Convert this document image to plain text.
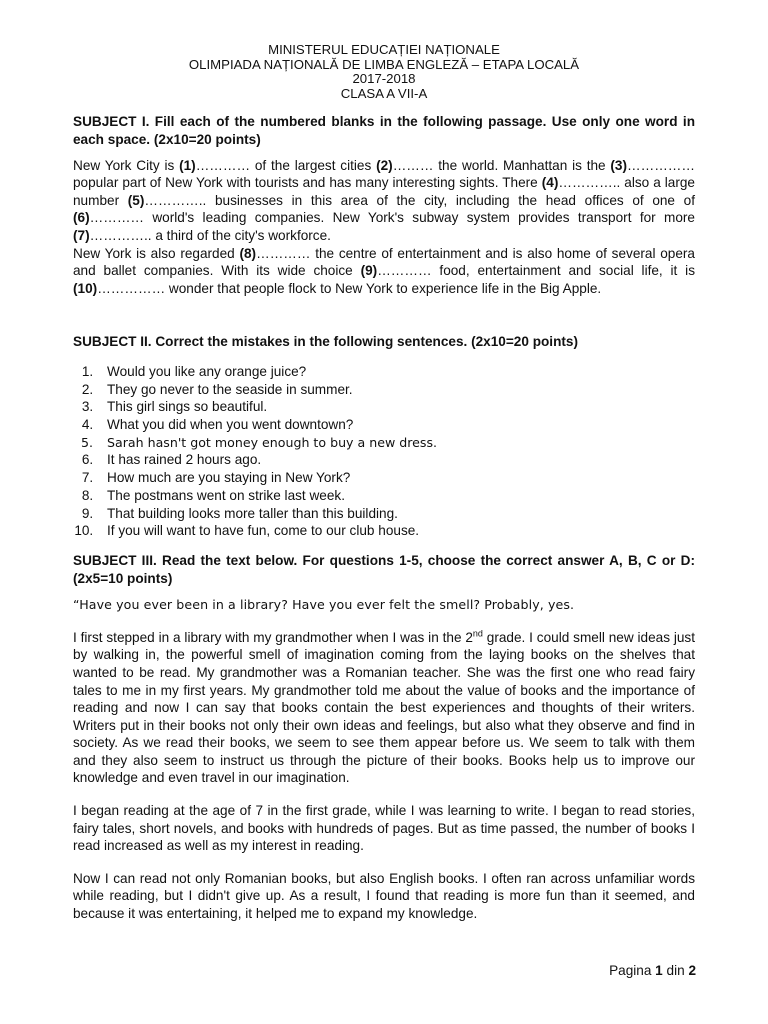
MINISTERUL EDUCAȚIEI NAȚIONALE
OLIMPIADA NAȚIONALĂ DE LIMBA ENGLEZĂ – ETAPA LOCALĂ
2017-2018
CLASA A VII-A

SUBJECT I. Fill each of the numbered blanks in the following passage. Use only one word in each space. (2x10=20 points)

New York City is (1)………… of the largest cities (2)……… the world. Manhattan is the (3)…………… popular part of New York with tourists and has many interesting sights. There (4)………….. also a large number (5)………….. businesses in this area of the city, including the head offices of one of (6)………… world's leading companies. New York's subway system provides transport for more (7)………….. a third of the city's workforce.

New York is also regarded (8)………… the centre of entertainment and is also home of several opera and ballet companies. With its wide choice (9)………… food, entertainment and social life, it is (10)…………… wonder that people flock to New York to experience life in the Big Apple.

SUBJECT II. Correct the mistakes in the following sentences. (2x10=20 points)

1. Would you like any orange juice?
2. They go never to the seaside in summer.
3. This girl sings so beautiful.
4. What you did when you went downtown?
5. Sarah hasn't got money enough to buy a new dress.
6. It has rained 2 hours ago.
7. How much are you staying in New York?
8. The postmans went on strike last week.
9. That building looks more taller than this building.
10. If you will want to have fun, come to our club house.

SUBJECT III. Read the text below. For questions 1-5, choose the correct answer A, B, C or D: (2x5=10 points)

“Have you ever been in a library? Have you ever felt the smell? Probably, yes.

I first stepped in a library with my grandmother when I was in the 2nd grade. I could smell new ideas just by walking in, the powerful smell of imagination coming from the laying books on the shelves that wanted to be read. My grandmother was a Romanian teacher. She was the first one who read fairy tales to me in my first years. My grandmother told me about the value of books and the importance of reading and now I can say that books contain the best experiences and thoughts of their writers. Writers put in their books not only their own ideas and feelings, but also what they observe and find in society. As we read their books, we seem to see them appear before us. We seem to talk with them and they also seem to instruct us through the picture of their books. Books help us to improve our knowledge and even travel in our imagination.

I began reading at the age of 7 in the first grade, while I was learning to write. I began to read stories, fairy tales, short novels, and books with hundreds of pages. But as time passed, the number of books I read increased as well as my interest in reading.

Now I can read not only Romanian books, but also English books. I often ran across unfamiliar words while reading, but I didn't give up. As a result, I found that reading is more fun than it seemed, and because it was entertaining, it helped me to expand my knowledge.

Pagina 1 din 2
